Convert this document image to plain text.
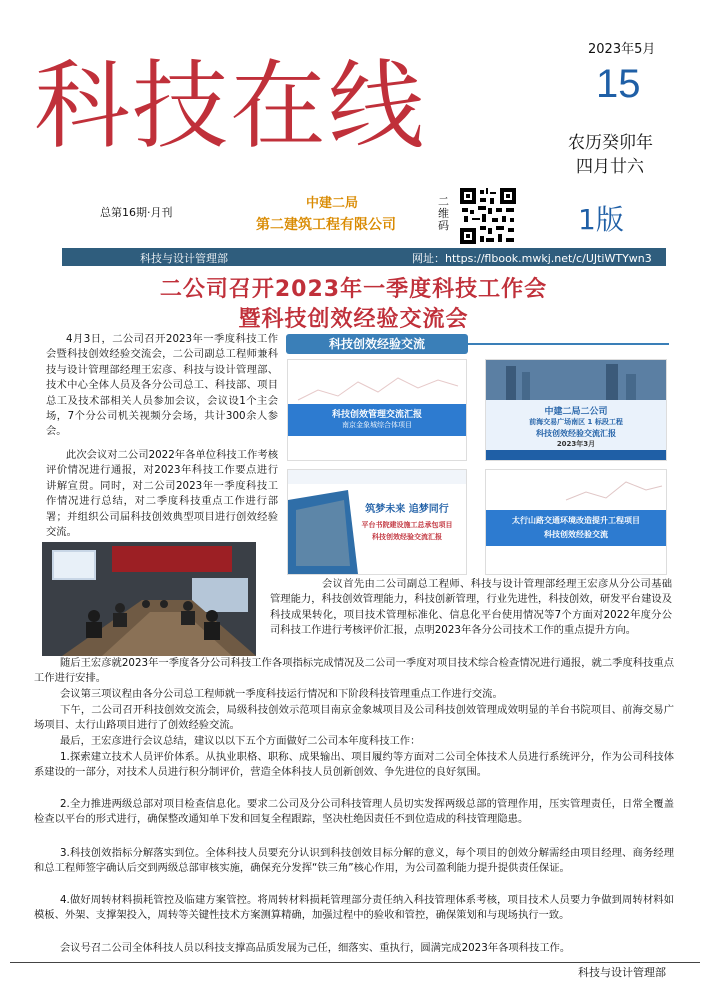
科技在线
2023年5月
15
农历癸卯年
四月廿六
总第16期·月刊
中建二局
第二建筑工程有限公司
二维码	1版
科技与设计管理部	网址：https://flbook.mwkj.net/c/UJtiWTYwn3
二公司召开2023年一季度科技工作会
暨科技创效经验交流会

4月3日，二公司召开2023年一季度科技工作会暨科技创效经验交流会，二公司副总工程师兼科技与设计管理部经理王宏彦、科技与设计管理部、技术中心全体人员及各分公司总工、科技部、项目总工及技术部相关人员参加会议，会议设1个主会场，7个分公司机关视频分会场，共计300余人参会。

此次会议对二公司2022年各单位科技工作考核评价情况进行通报，对2023年科技工作要点进行讲解宣贯。同时，对二公司2023年一季度科技工作情况进行总结，对二季度科技重点工作进行部署；并组织公司届科技创效典型项目进行创效经验交流。

科技创效经验交流
科技创效管理交流汇报
南京金象城综合体项目
中建二局二公司
前海交易广场南区 1 标段工程
科技创效经验交流汇报
2023年3月
筑梦未来 追梦同行
平台书院建设施工总承包项目
科技创效经验交流汇报
太行山路交通环境改造提升工程项目
科技创效经验交流

会议首先由二公司副总工程师、科技与设计管理部经理王宏彦从分公司基础管理能力，科技创效管理能力，科技创新管理，行业先进性，科技创效，研发平台建设及科技成果转化，项目技术管理标准化、信息化平台使用情况等7个方面对2022年度分公司科技工作进行考核评价汇报，点明2023年各分公司技术工作的重点提升方向。

随后王宏彦就2023年一季度各分公司科技工作各项指标完成情况及二公司一季度对项目技术综合检查情况进行通报，就二季度科技重点工作进行安排。

会议第三项议程由各分公司总工程师就一季度科技运行情况和下阶段科技管理重点工作进行交流。

下午，二公司召开科技创效交流会，局级科技创效示范项目南京金象城项目及公司科技创效管理成效明显的羊台书院项目、前海交易广场项目、太行山路项目进行了创效经验交流。

最后，王宏彦进行会议总结，建议以以下五个方面做好二公司本年度科技工作：

1.探索建立技术人员评价体系。从执业职格、职称、成果输出、项目履约等方面对二公司全体技术人员进行系统评分，作为公司科技体系建设的一部分，对技术人员进行积分制评价，营造全体科技人员创新创效、争先进位的良好氛围。

2.全力推进两级总部对项目检查信息化。要求二公司及分公司科技管理人员切实发挥两级总部的管理作用，压实管理责任，日常全覆盖检查以平台的形式进行，确保整改通知单下发和回复全程跟踪，坚决杜绝因责任不到位造成的科技管理隐患。

3.科技创效指标分解落实到位。全体科技人员要充分认识到科技创效目标分解的意义，每个项目的创效分解需经由项目经理、商务经理和总工程师签字确认后交到两级总部审核实施，确保充分发挥“铁三角”核心作用，为公司盈利能力提升提供责任保证。

4.做好周转材料损耗管控及临建方案管控。将周转材料损耗管理部分责任纳入科技管理体系考核，项目技术人员要力争做到周转材料如模板、外架、支撑架投入，周转等关键性技术方案测算精确，加强过程中的验收和管控，确保策划和与现场执行一致。

会议号召二公司全体科技人员以科技支撑高品质发展为己任，细落实、重执行，圆满完成2023年各项科技工作。

科技与设计管理部
